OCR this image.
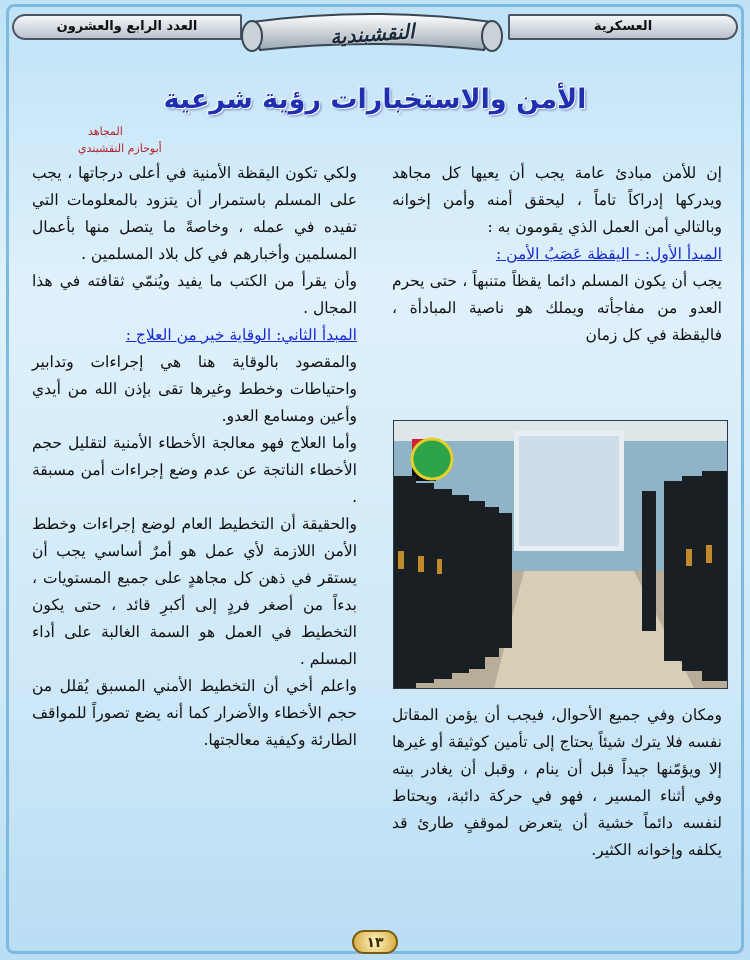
العدد الرابع والعشرون	العسكرية
النقشبندية
الأمن والاستخبارات رؤية شرعية
المجاهد
أبوحازم النقشبندي

إن للأمن مبادئ عامة يجب أن يعيها كل مجاهد ويدركها إدراكاً تاماً ، ليحقق أمنه وأمن إخوانه وبالتالي أمن العمل الذي يقومون به :

المبدأ الأول: - اليقظة عَصَبُ الأمن :

يجب أن يكون المسلم دائما يقظاً متنبهاً ، حتى يحرم العدو من مفاجأته ويملك هو ناصية المبادأة ، فاليقظة في كل زمان

ومكان وفي جميع الأحوال، فيجب أن يؤمن المقاتل نفسه فلا يترك شيئاً يحتاج إلى تأمين كوثيقة أو غيرها إلا ويؤمّنها جيداً قبل أن ينام ، وقبل أن يغادر بيته وفي أثناء المسير ، فهو في حركة دائبة، ويحتاط لنفسه دائماً خشية أن يتعرض لموقفٍ طارئ قد يكلفه وإخوانه الكثير.

ولكي تكون اليقظة الأمنية في أعلى درجاتها ، يجب على المسلم باستمرار أن يتزود بالمعلومات التي تفيده في عمله ، وخاصةً ما يتصل منها بأعمال المسلمين وأخبارهم في كل بلاد المسلمين .

وأن يقرأ من الكتب ما يفيد ويُنمّي ثقافته في هذا المجال .

المبدأ الثاني: الوقاية خير من العلاج :

والمقصود بالوقاية هنا هي إجراءات وتدابير واحتياطات وخطط وغيرها تقى بإذن الله من أيدي وأعين ومسامع العدو.

وأما العلاج فهو معالجة الأخطاء الأمنية لتقليل حجم الأخطاء الناتجة عن عدم وضع إجراءات أمن مسبقة .

والحقيقة أن التخطيط العام لوضع إجراءات وخطط الأمن اللازمة لأي عمل هو أمرٌ أساسي يجب أن يستقر في ذهن كل مجاهدٍ على جميع المستويات ، بدءاً من أصغر فردٍ إلى أكبرِ قائد ، حتى يكون التخطيط في العمل هو السمة الغالبة على أداء المسلم .

واعلم أخي أن التخطيط الأمني المسبق يُقلل من حجم الأخطاء والأضرار كما أنه يضع تصوراً للمواقف الطارئة وكيفية معالجتها.

١٣
